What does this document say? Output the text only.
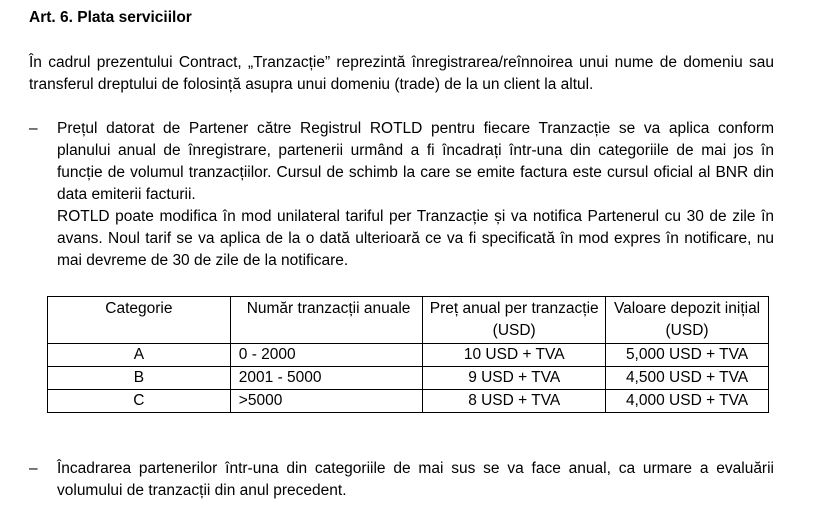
Art. 6. Plata serviciilor

În cadrul prezentului Contract, „Tranzacție” reprezintă înregistrarea/reînnoirea unui nume de domeniu sau transferul dreptului de folosință asupra unui domeniu (trade) de la un client la altul.

–	Prețul datorat de Partener către Registrul ROTLD pentru fiecare Tranzacție se va aplica conform planului anual de înregistrare, partenerii urmând a fi încadrați într-una din categoriile de mai jos în funcție de volumul tranzacțiilor. Cursul de schimb la care se emite factura este cursul oficial al BNR din data emiterii facturii.

ROTLD poate modifica în mod unilateral tariful per Tranzacție și va notifica Partenerul cu 30 de zile în avans. Noul tarif se va aplica de la o dată ulterioară ce va fi specificată în mod expres în notificare, nu mai devreme de 30 de zile de la notificare.

Categorie	Număr tranzacții anuale	Preț anual per tranzacție (USD)	Valoare depozit inițial (USD)
A	0 - 2000	10 USD + TVA	5,000 USD + TVA
B	2001 - 5000	9 USD + TVA	4,500 USD + TVA
C	>5000	8 USD + TVA	4,000 USD + TVA
–	Încadrarea partenerilor într-una din categoriile de mai sus se va face anual, ca urmare a evaluării volumului de tranzacții din anul precedent.
